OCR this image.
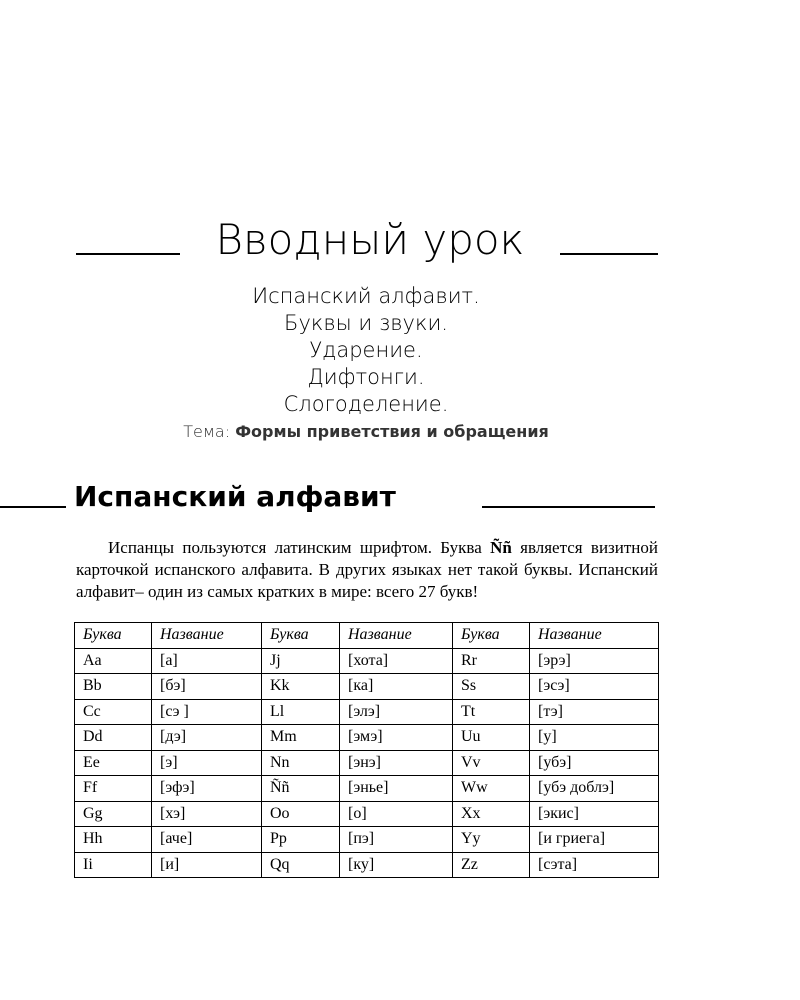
Вводный урок
Испанский алфавит.
Буквы и звуки.
Ударение.
Дифтонги.
Слогоделение.
Тема: Формы приветствия и обращения
Испанский алфавит

Испанцы пользуются латинским шрифтом. Буква Ññ является визитной карточкой испанского алфавита. В других языках нет такой буквы. Испанский алфавит– один из самых кратких в мире: всего 27 букв!

Буква	Название	Буква	Название	Буква	Название
Aa	[a]	Jj	[хота]	Rr	[эрэ]
Bb	[бэ]	Kk	[ка]	Ss	[эсэ]
Cc	[сэ ]	Ll	[элэ]	Tt	[тэ]
Dd	[дэ]	Mm	[эмэ]	Uu	[у]
Ee	[э]	Nn	[энэ]	Vv	[убэ]
Ff	[эфэ]	Ññ	[энье]	Ww	[убэ доблэ]
Gg	[хэ]	Oo	[о]	Xx	[экис]
Hh	[аче]	Pp	[пэ]	Yy	[и гриега]
Ii	[и]	Qq	[ку]	Zz	[сэта]
